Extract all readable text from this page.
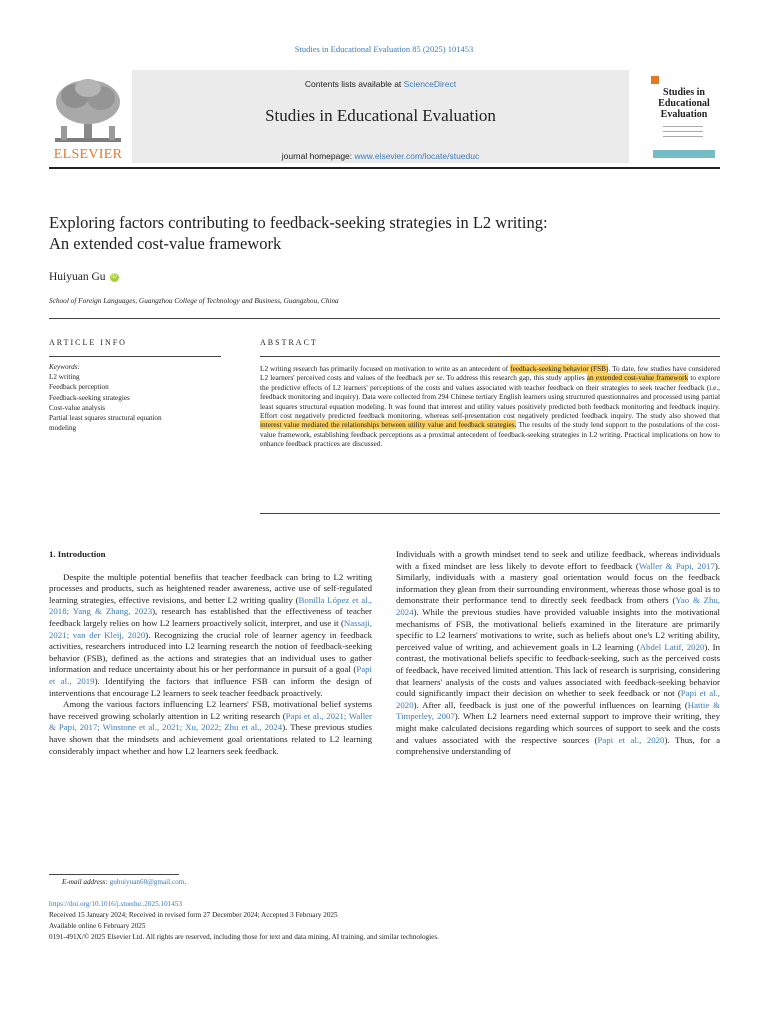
Studies in Educational Evaluation 85 (2025) 101453
ELSEVIER
Contents lists available at ScienceDirect
Studies in Educational Evaluation
journal homepage: www.elsevier.com/locate/stueduc
Studies in
Educational
Evaluation
Exploring factors contributing to feedback-seeking strategies in L2 writing:
An extended cost-value framework
Huiyuan Gu iD
School of Foreign Languages, Guangzhou College of Technology and Business, Guangzhou, China
ARTICLE INFO	ABSTRACT
Keywords:
L2 writing
Feedback perception
Feedback-seeking strategies
Cost-value analysis
Partial least squares structural equation
modeling
L2 writing research has primarily focused on motivation to write as an antecedent of feedback-seeking behavior (FSB). To date, few studies have considered L2 learners' perceived costs and values of the feedback per se. To address this research gap, this study applies an extended cost-value framework to explore the predictive effects of L2 learners' perceptions of the costs and values associated with teacher feedback on their strategies to seek teacher feedback (i.e., feedback monitoring and inquiry). Data were collected from 294 Chinese tertiary English learners using structured questionnaires and processed using partial least squares structural equation modeling. It was found that interest and utility values positively predicted both feedback monitoring and feedback inquiry. Effort cost negatively predicted feedback monitoring, whereas self-presentation cost negatively predicted feedback inquiry. The study also showed that interest value mediated the relationships between utility value and feedback strategies. The results of the study lend support to the postulations of the cost-value framework, establishing feedback perceptions as a proximal antecedent of feedback-seeking strategies in L2 writing. Practical implications on how to enhance feedback practices are discussed.
1. Introduction

Despite the multiple potential benefits that teacher feedback can bring to L2 writing processes and products, such as heightened reader awareness, active use of self-regulated learning strategies, effective revisions, and better L2 writing quality (Bonilla López et al., 2018; Yang & Zhang, 2023), research has established that the effectiveness of teacher feedback largely relies on how L2 learners proactively solicit, interpret, and use it (Nassaji, 2021; van der Kleij, 2020). Recognizing the crucial role of learner agency in feedback activities, researchers introduced into L2 learning research the notion of feedback-seeking behavior (FSB), defined as the actions and strategies that an individual uses to gather information and reduce uncertainty about his or her performance in pursuit of a goal (Papi et al., 2019). Identifying the factors that influence FSB can inform the design of interventions that encourage L2 learners to seek teacher feedback proactively.

Among the various factors influencing L2 learners' FSB, motivational belief systems have received growing scholarly attention in L2 writing research (Papi et al., 2021; Waller & Papi, 2017; Winstone et al., 2021; Xu, 2022; Zhu et al., 2024). These previous studies have shown that the mindsets and achievement goal orientations related to L2 learning considerably impact whether and how L2 learners seek feedback.

Individuals with a growth mindset tend to seek and utilize feedback, whereas individuals with a fixed mindset are less likely to devote effort to feedback (Waller & Papi, 2017). Similarly, individuals with a mastery goal orientation would focus on the feedback information they glean from their surrounding environment, whereas those whose goal is to demonstrate their performance tend to directly seek feedback from others (Yao & Zhu, 2024). While the previous studies have provided valuable insights into the motivational mechanisms of FSB, the motivational beliefs examined in the literature are primarily specific to L2 learners' motivations to write, such as beliefs about one's L2 writing ability, perceived value of writing, and achievement goals in L2 learning (Abdel Latif, 2020). In contrast, the motivational beliefs specific to feedback-seeking, such as the perceived costs of feedback, have received limited attention. This lack of research is surprising, considering that learners' analysis of the costs and values associated with feedback-seeking behavior could significantly impact their decision on whether to seek feedback or not (Papi et al., 2020). After all, feedback is just one of the powerful influences on learning (Hattie & Timperley, 2007). When L2 learners need external support to improve their writing, they might make calculated decisions regarding which sources of support to seek and the costs and values associated with the respective sources (Papi et al., 2020). Thus, for a comprehensive understanding of

E-mail address: guhuiyuan60@gmail.com.
https://doi.org/10.1016/j.stueduc.2025.101453
Received 15 January 2024; Received in revised form 27 December 2024; Accepted 3 February 2025
Available online 6 February 2025
0191-491X/© 2025 Elsevier Ltd. All rights are reserved, including those for text and data mining, AI training, and similar technologies.
